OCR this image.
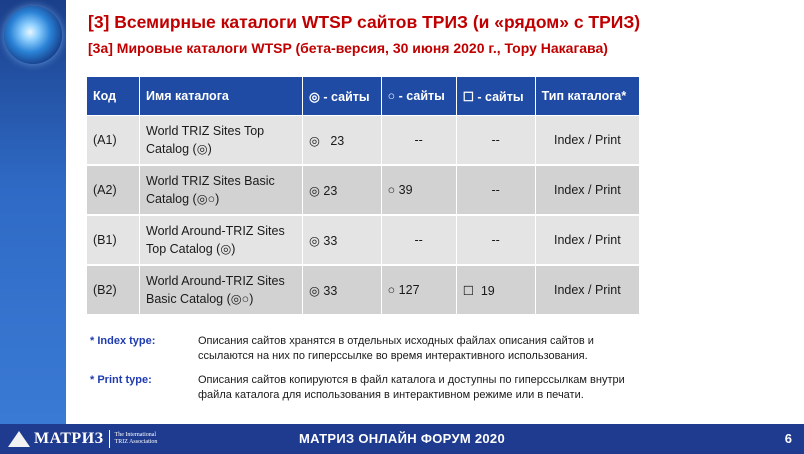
[3] Всемирные каталоги WTSP сайтов ТРИЗ (и «рядом» с ТРИЗ)
[3a] Мировые каталоги WTSP (бета-версия, 30 июня 2020 г., Тору Накагава)
Код	Имя каталога	◎ - сайты	○ - сайты	☐ - сайты	Тип каталога*
(A1)	World TRIZ Sites Top Catalog (◎)	◎   23	--	--	Index / Print
(A2)	World TRIZ Sites Basic Catalog (◎○)	◎ 23	○ 39	--	Index / Print
(B1)	World Around-TRIZ Sites Top Catalog (◎)	◎ 33	--	--	Index / Print
(B2)	World Around-TRIZ Sites Basic Catalog (◎○)	◎ 33	○ 127	☐  19	Index / Print
* Index type:	Описания сайтов хранятся в отдельных исходных файлах описания сайтов и ссылаются на них по гиперссылке во время интерактивного использования.
* Print type:	Описания сайтов копируются в файл каталога и доступны по гиперссылкам внутри файла каталога для использования в интерактивном режиме или в печати.
МАТРИЗ The International TRIZ Association	МАТРИЗ ОНЛАЙН ФОРУМ 2020	6
